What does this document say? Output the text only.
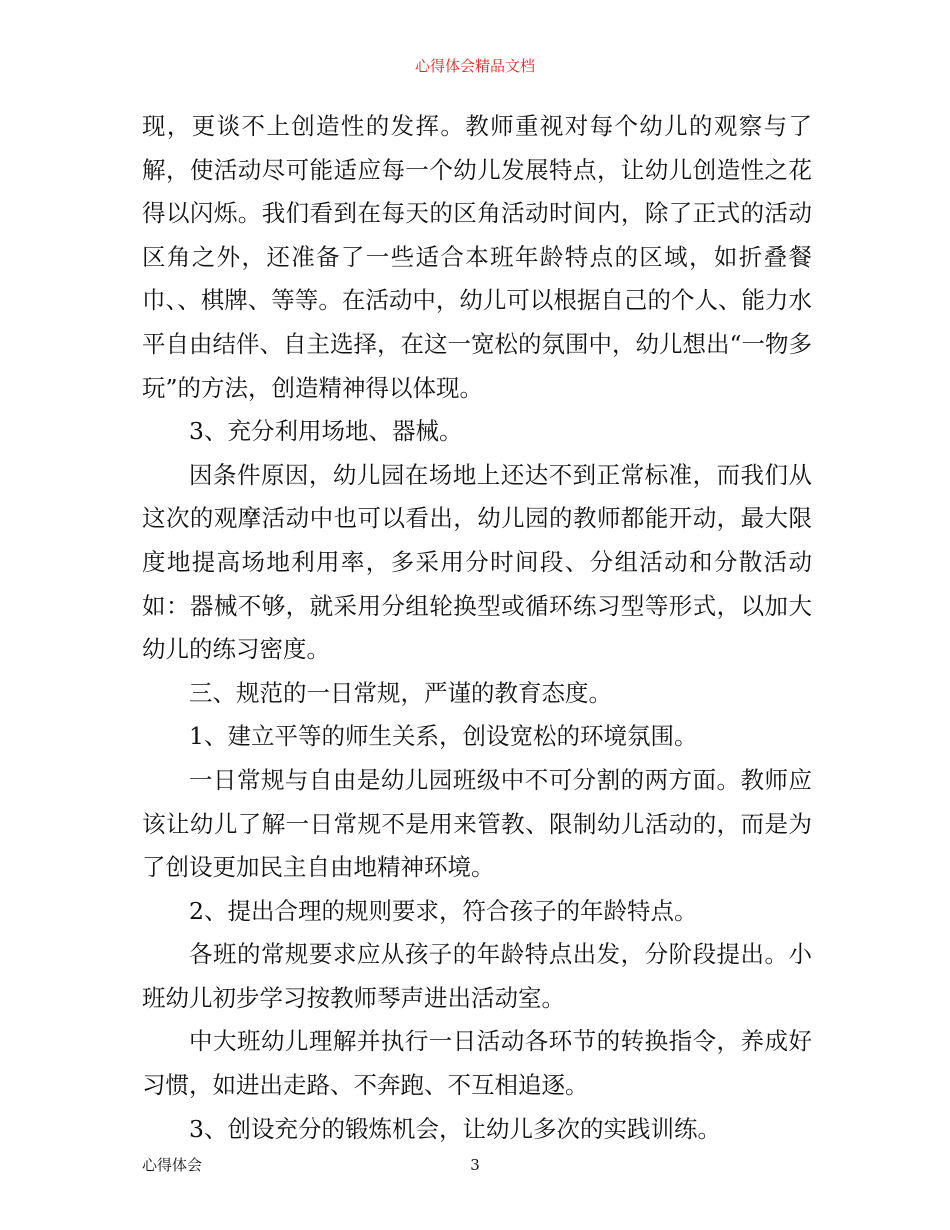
心得体会精品文档

现，更谈不上创造性的发挥。教师重视对每个幼儿的观察与了解，使活动尽可能适应每一个幼儿发展特点，让幼儿创造性之花得以闪烁。我们看到在每天的区角活动时间内，除了正式的活动区角之外，还准备了一些适合本班年龄特点的区域，如折叠餐巾、、棋牌、等等。在活动中，幼儿可以根据自己的个人、能力水平自由结伴、自主选择，在这一宽松的氛围中，幼儿想出“一物多玩”的方法，创造精神得以体现。

3、充分利用场地、器械。

因条件原因，幼儿园在场地上还达不到正常标准，而我们从这次的观摩活动中也可以看出，幼儿园的教师都能开动，最大限度地提高场地利用率，多采用分时间段、分组活动和分散活动如：器械不够，就采用分组轮换型或循环练习型等形式，以加大幼儿的练习密度。

三、规范的一日常规，严谨的教育态度。

1、建立平等的师生关系，创设宽松的环境氛围。

一日常规与自由是幼儿园班级中不可分割的两方面。教师应该让幼儿了解一日常规不是用来管教、限制幼儿活动的，而是为了创设更加民主自由地精神环境。

2、提出合理的规则要求，符合孩子的年龄特点。

各班的常规要求应从孩子的年龄特点出发，分阶段提出。小班幼儿初步学习按教师琴声进出活动室。

中大班幼儿理解并执行一日活动各环节的转换指令，养成好习惯，如进出走路、不奔跑、不互相追逐。

3、创设充分的锻炼机会，让幼儿多次的实践训练。

心得体会	3
